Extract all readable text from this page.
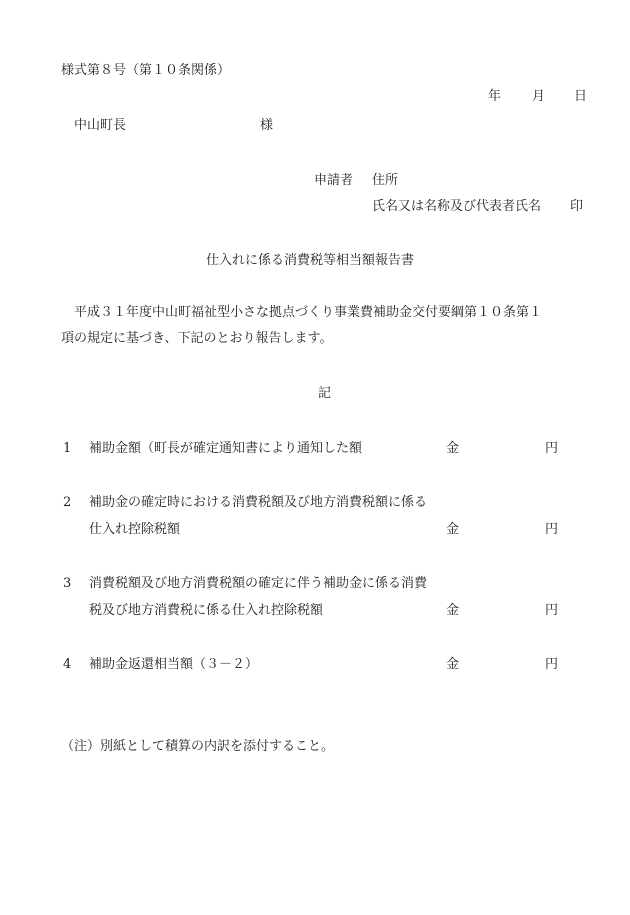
様式第８号（第１０条関係）
年 月 日
中山町長	様
申請者 住所
氏名又は名称及び代表者氏名 印
仕入れに係る消費税等相当額報告書
平成３１年度中山町福祉型小さな拠点づくり事業費補助金交付要綱第１０条第１
項の規定に基づき、下記のとおり報告します。
記
1 補助金額（町長が確定通知書により通知した額	金	円
2 補助金の確定時における消費税額及び地方消費税額に係る
仕入れ控除税額	金	円
3 消費税額及び地方消費税額の確定に伴う補助金に係る消費
税及び地方消費税に係る仕入れ控除税額	金	円
4 補助金返還相当額（３－２）	金	円
（注）別紙として積算の内訳を添付すること。
